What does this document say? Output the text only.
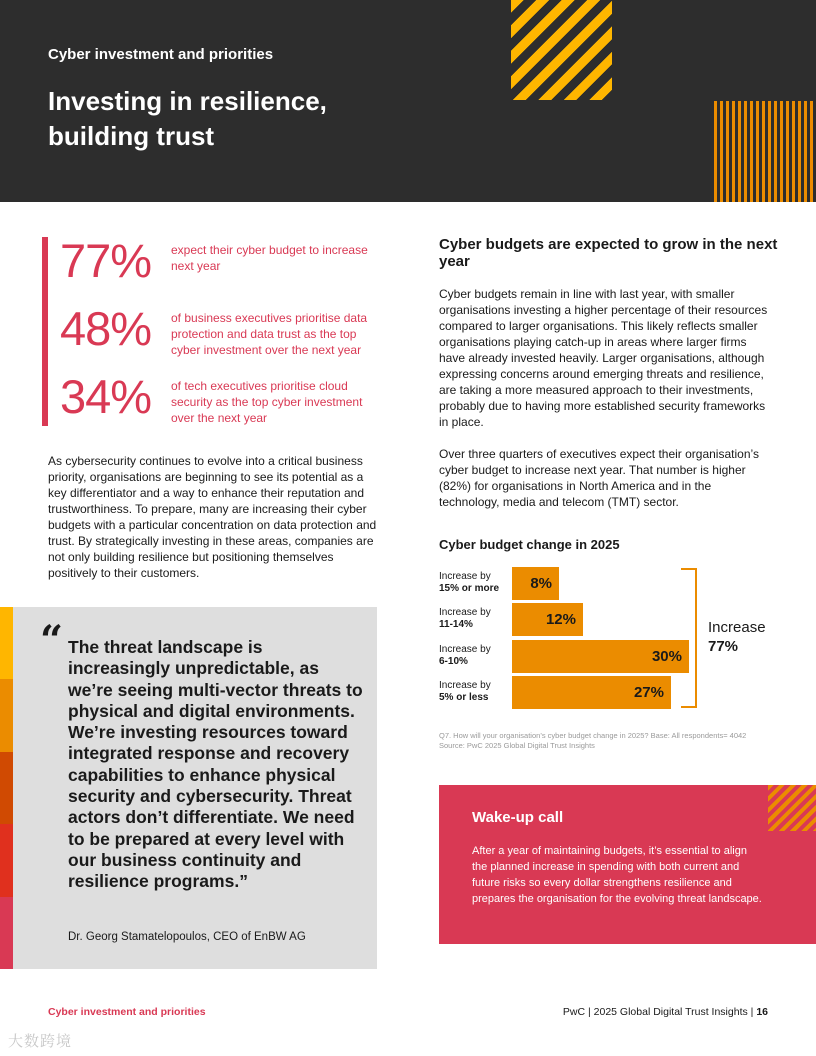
Cyber investment and priorities
Investing in resilience, building trust
77% expect their cyber budget to increase next year
48% of business executives prioritise data protection and data trust as the top cyber investment over the next year
34% of tech executives prioritise cloud security as the top cyber investment over the next year
As cybersecurity continues to evolve into a critical business priority, organisations are beginning to see its potential as a key differentiator and a way to enhance their reputation and trustworthiness. To prepare, many are increasing their cyber budgets with a particular concentration on data protection and trust. By strategically investing in these areas, companies are not only building resilience but positioning themselves positively to their customers.
“ The threat landscape is increasingly unpredictable, as we’re seeing multi-vector threats to physical and digital environments. We’re investing resources toward integrated response and recovery capabilities to enhance physical security and cybersecurity. Threat actors don’t differentiate. We need to be prepared at every level with our business continuity and resilience programs.”
Dr. Georg Stamatelopoulos, CEO of EnBW AG
Cyber budgets are expected to grow in the next year
Cyber budgets remain in line with last year, with smaller organisations investing a higher percentage of their resources compared to larger organisations. This likely reflects smaller organisations playing catch-up in areas where larger firms have already invested heavily. Larger organisations, although expressing concerns around emerging threats and resilience, are taking a more measured approach to their investments, probably due to having more established security frameworks in place.
Over three quarters of executives expect their organisation’s cyber budget to increase next year. That number is higher (82%) for organisations in North America and in the technology, media and telecom (TMT) sector.
Cyber budget change in 2025
Increase
77%
Increase by
15% or more	8%
Increase by
11-14%	12%
Increase by
6-10%	30%
Increase by
5% or less	27%
Q7. How will your organisation’s cyber budget change in 2025? Base: All respondents= 4042
Source: PwC 2025 Global Digital Trust Insights
Wake-up call
After a year of maintaining budgets, it’s essential to align the planned increase in spending with both current and future risks so every dollar strengthens resilience and prepares the organisation for the evolving threat landscape.
Cyber investment and priorities	PwC | 2025 Global Digital Trust Insights | 16
大数跨境
